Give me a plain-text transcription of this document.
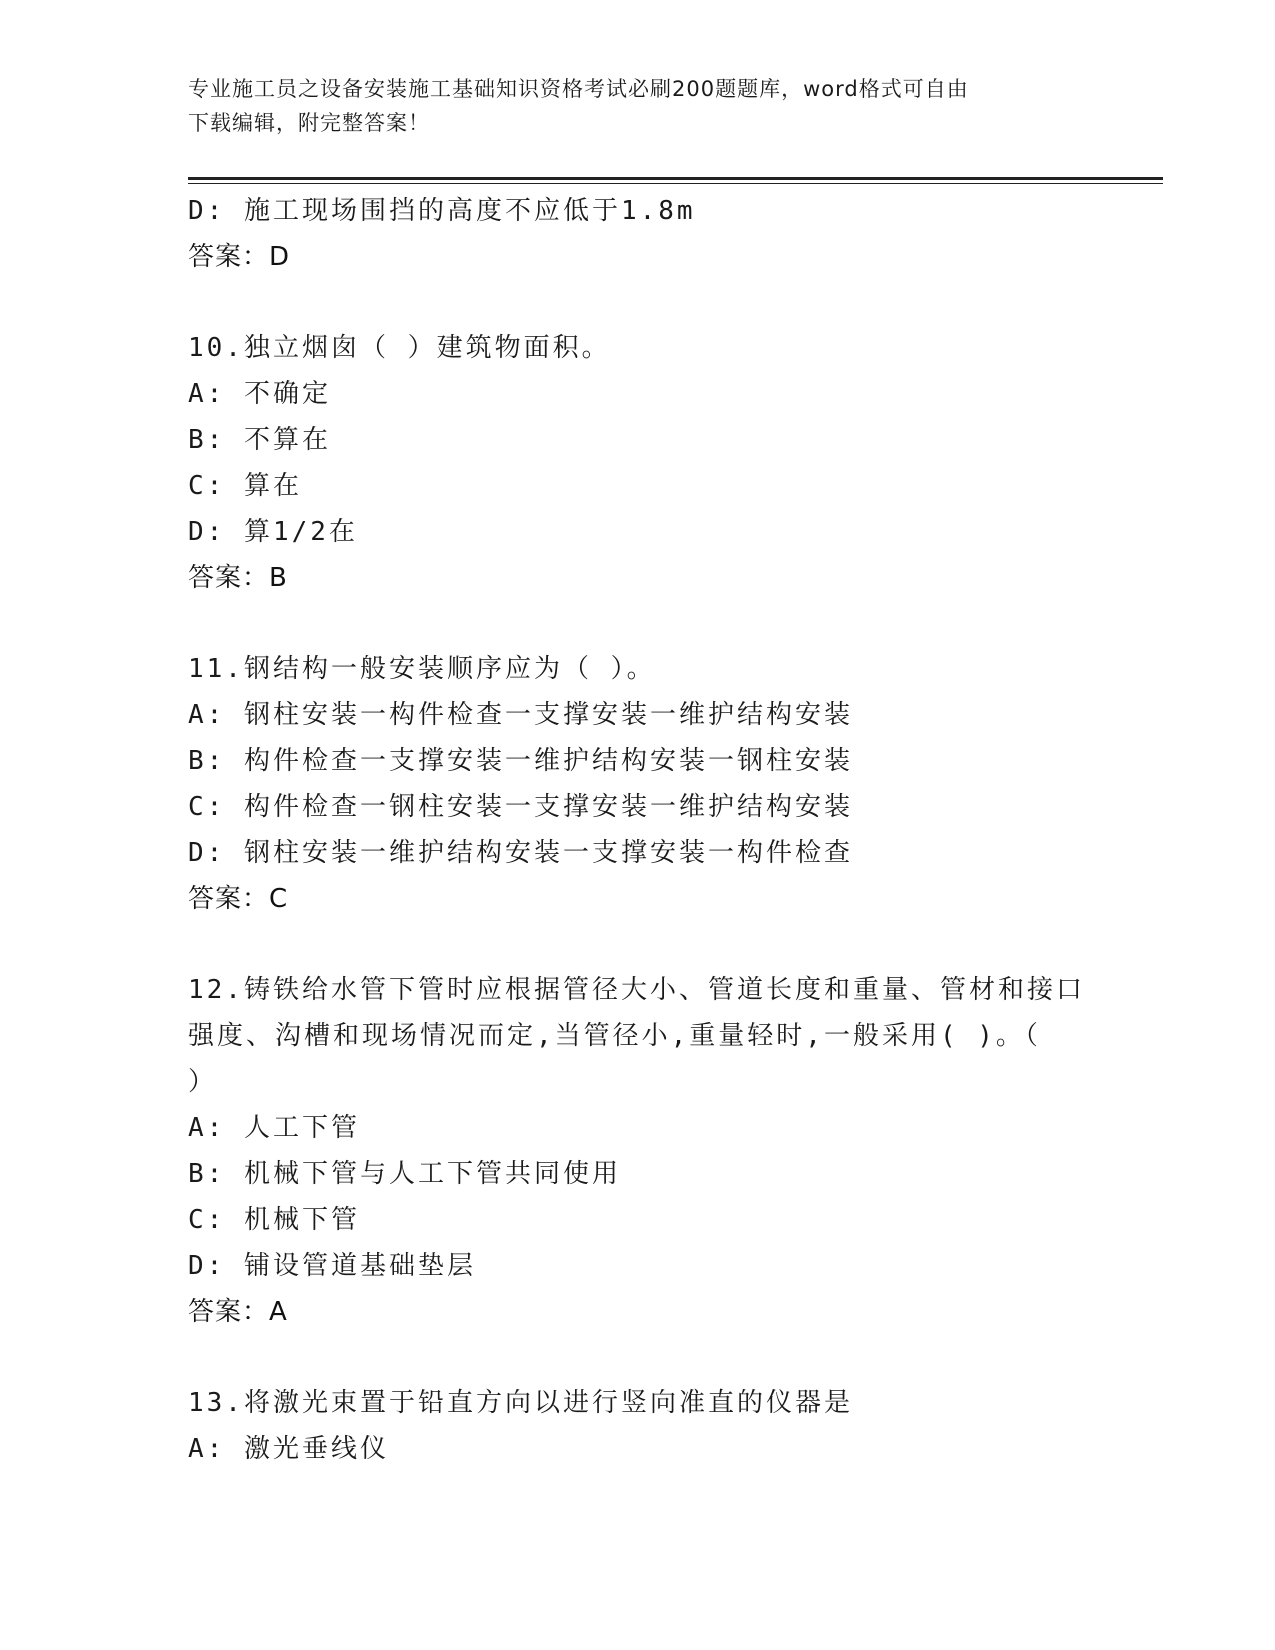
专业施工员之设备安装施工基础知识资格考试必刷200题题库，word格式可自由
下载编辑，附完整答案！
D: 施工现场围挡的高度不应低于1.8m
答案：D
10.独立烟囱（ ）建筑物面积。
A: 不确定
B: 不算在
C: 算在
D: 算1/2在
答案：B
11.钢结构一般安装顺序应为（ ）。
A: 钢柱安装一构件检查一支撑安装一维护结构安装
B: 构件检查一支撑安装一维护结构安装一钢柱安装
C: 构件检查一钢柱安装一支撑安装一维护结构安装
D: 钢柱安装一维护结构安装一支撑安装一构件检查
答案：C
12.铸铁给水管下管时应根据管径大小、管道长度和重量、管材和接口
强度、沟槽和现场情况而定,当管径小,重量轻时,一般采用( )。（
）
A: 人工下管
B: 机械下管与人工下管共同使用
C: 机械下管
D: 铺设管道基础垫层
答案：A
13.将激光束置于铅直方向以进行竖向准直的仪器是
A: 激光垂线仪
